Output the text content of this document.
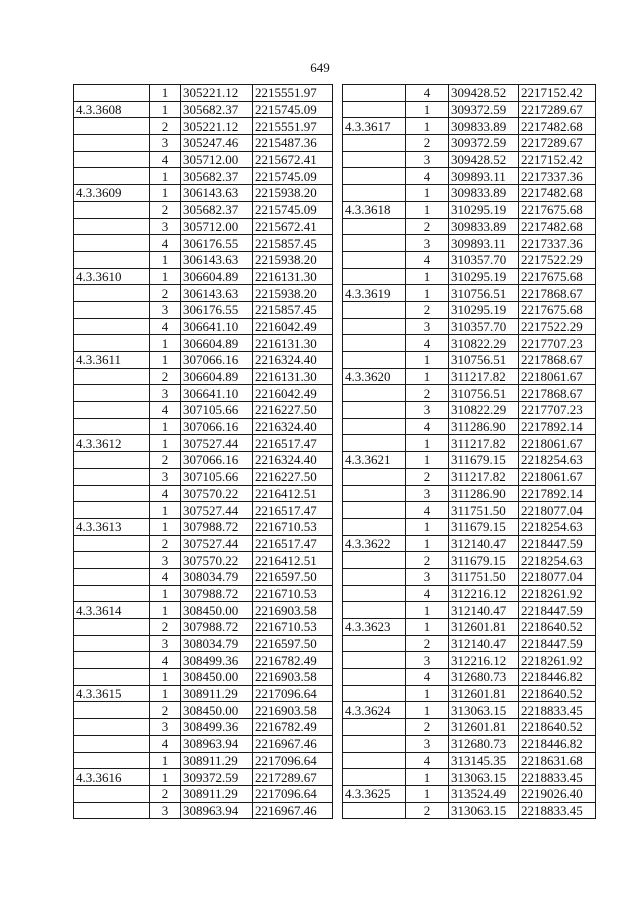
649
	1	305221.12	2215551.97
4.3.3608	1	305682.37	2215745.09
	2	305221.12	2215551.97
	3	305247.46	2215487.36
	4	305712.00	2215672.41
	1	305682.37	2215745.09
4.3.3609	1	306143.63	2215938.20
	2	305682.37	2215745.09
	3	305712.00	2215672.41
	4	306176.55	2215857.45
	1	306143.63	2215938.20
4.3.3610	1	306604.89	2216131.30
	2	306143.63	2215938.20
	3	306176.55	2215857.45
	4	306641.10	2216042.49
	1	306604.89	2216131.30
4.3.3611	1	307066.16	2216324.40
	2	306604.89	2216131.30
	3	306641.10	2216042.49
	4	307105.66	2216227.50
	1	307066.16	2216324.40
4.3.3612	1	307527.44	2216517.47
	2	307066.16	2216324.40
	3	307105.66	2216227.50
	4	307570.22	2216412.51
	1	307527.44	2216517.47
4.3.3613	1	307988.72	2216710.53
	2	307527.44	2216517.47
	3	307570.22	2216412.51
	4	308034.79	2216597.50
	1	307988.72	2216710.53
4.3.3614	1	308450.00	2216903.58
	2	307988.72	2216710.53
	3	308034.79	2216597.50
	4	308499.36	2216782.49
	1	308450.00	2216903.58
4.3.3615	1	308911.29	2217096.64
	2	308450.00	2216903.58
	3	308499.36	2216782.49
	4	308963.94	2216967.46
	1	308911.29	2217096.64
4.3.3616	1	309372.59	2217289.67
	2	308911.29	2217096.64
	3	308963.94	2216967.46
	4	309428.52	2217152.42
	1	309372.59	2217289.67
4.3.3617	1	309833.89	2217482.68
	2	309372.59	2217289.67
	3	309428.52	2217152.42
	4	309893.11	2217337.36
	1	309833.89	2217482.68
4.3.3618	1	310295.19	2217675.68
	2	309833.89	2217482.68
	3	309893.11	2217337.36
	4	310357.70	2217522.29
	1	310295.19	2217675.68
4.3.3619	1	310756.51	2217868.67
	2	310295.19	2217675.68
	3	310357.70	2217522.29
	4	310822.29	2217707.23
	1	310756.51	2217868.67
4.3.3620	1	311217.82	2218061.67
	2	310756.51	2217868.67
	3	310822.29	2217707.23
	4	311286.90	2217892.14
	1	311217.82	2218061.67
4.3.3621	1	311679.15	2218254.63
	2	311217.82	2218061.67
	3	311286.90	2217892.14
	4	311751.50	2218077.04
	1	311679.15	2218254.63
4.3.3622	1	312140.47	2218447.59
	2	311679.15	2218254.63
	3	311751.50	2218077.04
	4	312216.12	2218261.92
	1	312140.47	2218447.59
4.3.3623	1	312601.81	2218640.52
	2	312140.47	2218447.59
	3	312216.12	2218261.92
	4	312680.73	2218446.82
	1	312601.81	2218640.52
4.3.3624	1	313063.15	2218833.45
	2	312601.81	2218640.52
	3	312680.73	2218446.82
	4	313145.35	2218631.68
	1	313063.15	2218833.45
4.3.3625	1	313524.49	2219026.40
	2	313063.15	2218833.45
